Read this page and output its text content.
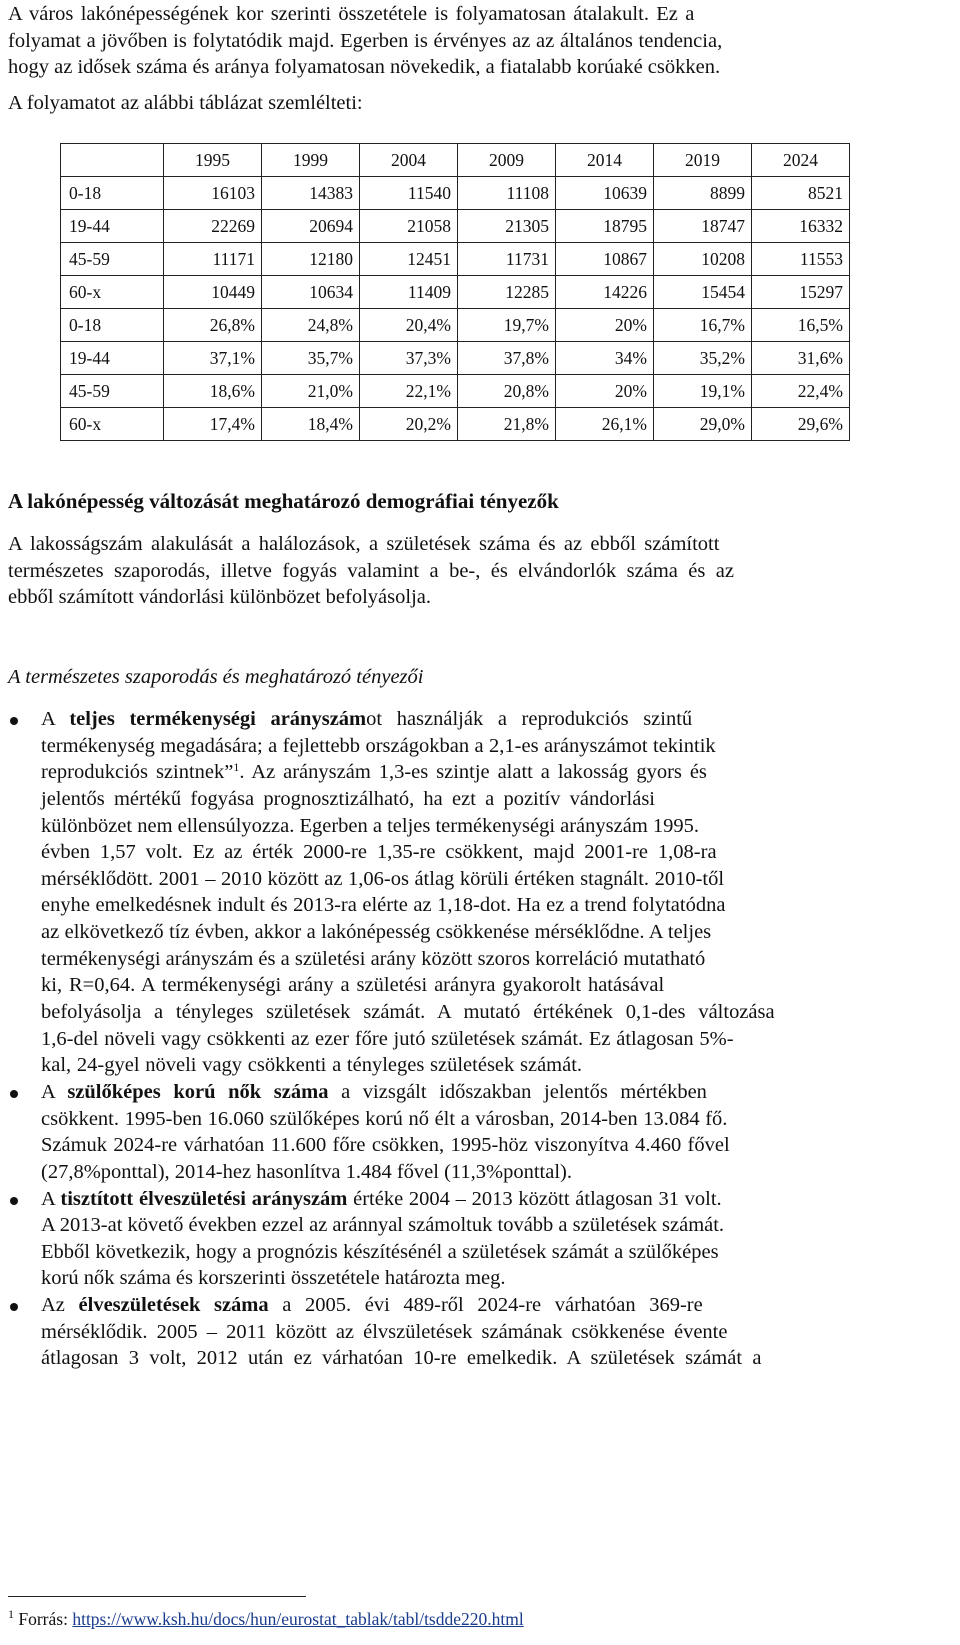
A város lakónépességének kor szerinti összetétele is folyamatosan átalakult. Ez a
folyamat a jövőben is folytatódik majd. Egerben is érvényes az az általános tendencia,
hogy az idősek száma és aránya folyamatosan növekedik, a fiatalabb korúaké csökken.
A folyamatot az alábbi táblázat szemlélteti:

	1995	1999	2004	2009	2014	2019	2024
0-18	16103	14383	11540	11108	10639	8899	8521
19-44	22269	20694	21058	21305	18795	18747	16332
45-59	11171	12180	12451	11731	10867	10208	11553
60-x	10449	10634	11409	12285	14226	15454	15297
0-18	26,8%	24,8%	20,4%	19,7%	20%	16,7%	16,5%
19-44	37,1%	35,7%	37,3%	37,8%	34%	35,2%	31,6%
45-59	18,6%	21,0%	22,1%	20,8%	20%	19,1%	22,4%
60-x	17,4%	18,4%	20,2%	21,8%	26,1%	29,0%	29,6%
A lakónépesség változását meghatározó demográfiai tényezők

A lakosságszám alakulását a halálozások, a születések száma és az ebből számított
természetes szaporodás, illetve fogyás valamint a be-, és elvándorlók száma és az
ebből számított vándorlási különbözet befolyásolja.

A természetes szaporodás és meghatározó tényezői
A teljes termékenységi arányszámot használják a reprodukciós szintű
termékenység megadására; a fejlettebb országokban a 2,1-es arányszámot tekintik
reprodukciós szintnek”$^1$. Az arányszám 1,3-es szintje alatt a lakosság gyors és
jelentős mértékű fogyása prognosztizálható, ha ezt a pozitív vándorlási
különbözet nem ellensúlyozza. Egerben a teljes termékenységi arányszám 1995.
évben 1,57 volt. Ez az érték 2000-re 1,35-re csökkent, majd 2001-re 1,08-ra
mérséklődött. 2001 – 2010 között az 1,06-os átlag körüli értéken stagnált. 2010-től
enyhe emelkedésnek indult és 2013-ra elérte az 1,18-dot. Ha ez a trend folytatódna
az elkövetkező tíz évben, akkor a lakónépesség csökkenése mérséklődne. A teljes
termékenységi arányszám és a születési arány között szoros korreláció mutatható
ki, R=0,64. A termékenységi arány a születési arányra gyakorolt hatásával
befolyásolja a tényleges születések számát. A mutató értékének 0,1-des változása
1,6-del növeli vagy csökkenti az ezer főre jutó születések számát. Ez átlagosan 5%-
kal, 24-gyel növeli vagy csökkenti a tényleges születések számát.
A szülőképes korú nők száma a vizsgált időszakban jelentős mértékben
csökkent. 1995-ben 16.060 szülőképes korú nő élt a városban, 2014-ben 13.084 fő.
Számuk 2024-re várhatóan 11.600 főre csökken, 1995-höz viszonyítva 4.460 fővel
(27,8%ponttal), 2014-hez hasonlítva 1.484 fővel (11,3%ponttal).
A tisztított élveszületési arányszám értéke 2004 – 2013 között átlagosan 31 volt.
A 2013-at követő években ezzel az aránnyal számoltuk tovább a születések számát.
Ebből következik, hogy a prognózis készítésénél a születések számát a szülőképes
korú nők száma és korszerinti összetétele határozta meg.
Az élveszületések száma a 2005. évi 489-ről 2024-re várhatóan 369-re
mérséklődik. 2005 – 2011 között az élvszületések számának csökkenése évente
átlagosan 3 volt, 2012 után ez várhatóan 10-re emelkedik. A születések számát a
$^1$ Forrás: https://www.ksh.hu/docs/hun/eurostat_tablak/tabl/tsdde220.html
